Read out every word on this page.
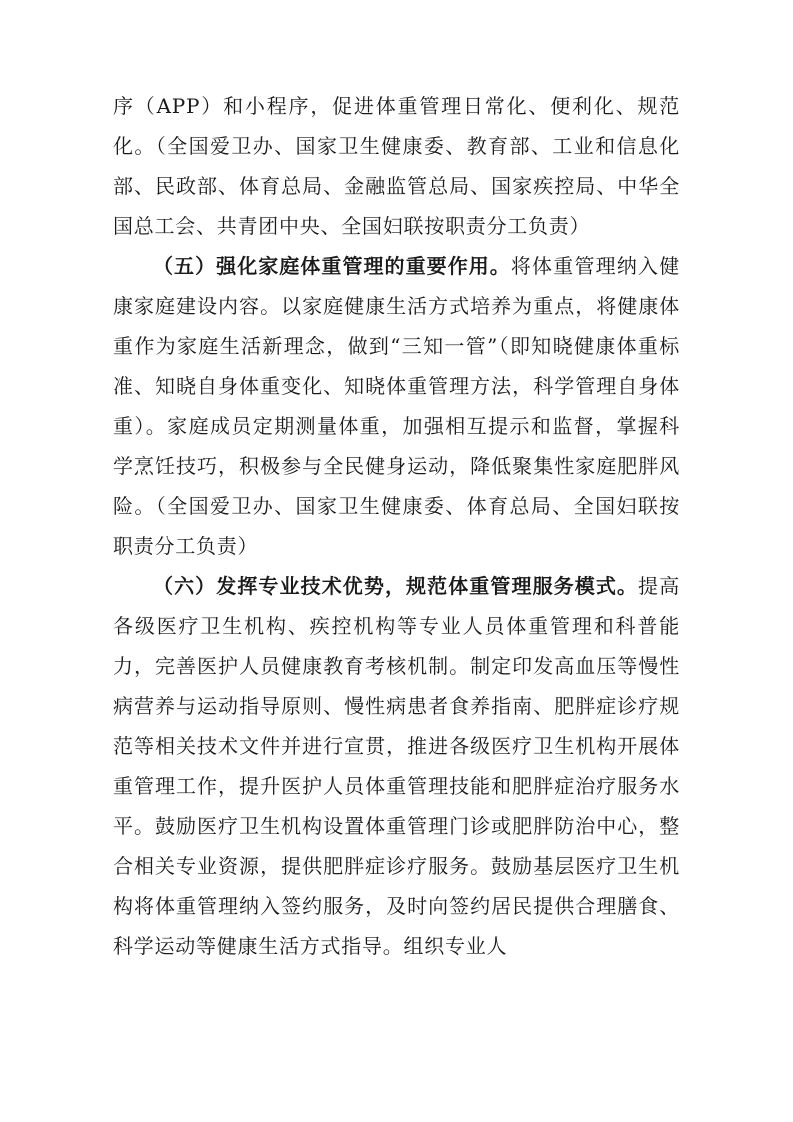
序（APP）和小程序，促进体重管理日常化、便利化、规范化。（全国爱卫办、国家卫生健康委、教育部、工业和信息化部、民政部、体育总局、金融监管总局、国家疾控局、中华全国总工会、共青团中央、全国妇联按职责分工负责）

（五）强化家庭体重管理的重要作用。将体重管理纳入健康家庭建设内容。以家庭健康生活方式培养为重点，将健康体重作为家庭生活新理念，做到“三知一管”（即知晓健康体重标准、知晓自身体重变化、知晓体重管理方法，科学管理自身体重）。家庭成员定期测量体重，加强相互提示和监督，掌握科学烹饪技巧，积极参与全民健身运动，降低聚集性家庭肥胖风险。（全国爱卫办、国家卫生健康委、体育总局、全国妇联按职责分工负责）

（六）发挥专业技术优势，规范体重管理服务模式。提高各级医疗卫生机构、疾控机构等专业人员体重管理和科普能力，完善医护人员健康教育考核机制。制定印发高血压等慢性病营养与运动指导原则、慢性病患者食养指南、肥胖症诊疗规范等相关技术文件并进行宣贯，推进各级医疗卫生机构开展体重管理工作，提升医护人员体重管理技能和肥胖症治疗服务水平。鼓励医疗卫生机构设置体重管理门诊或肥胖防治中心，整合相关专业资源，提供肥胖症诊疗服务。鼓励基层医疗卫生机构将体重管理纳入签约服务，及时向签约居民提供合理膳食、科学运动等健康生活方式指导。组织专业人
